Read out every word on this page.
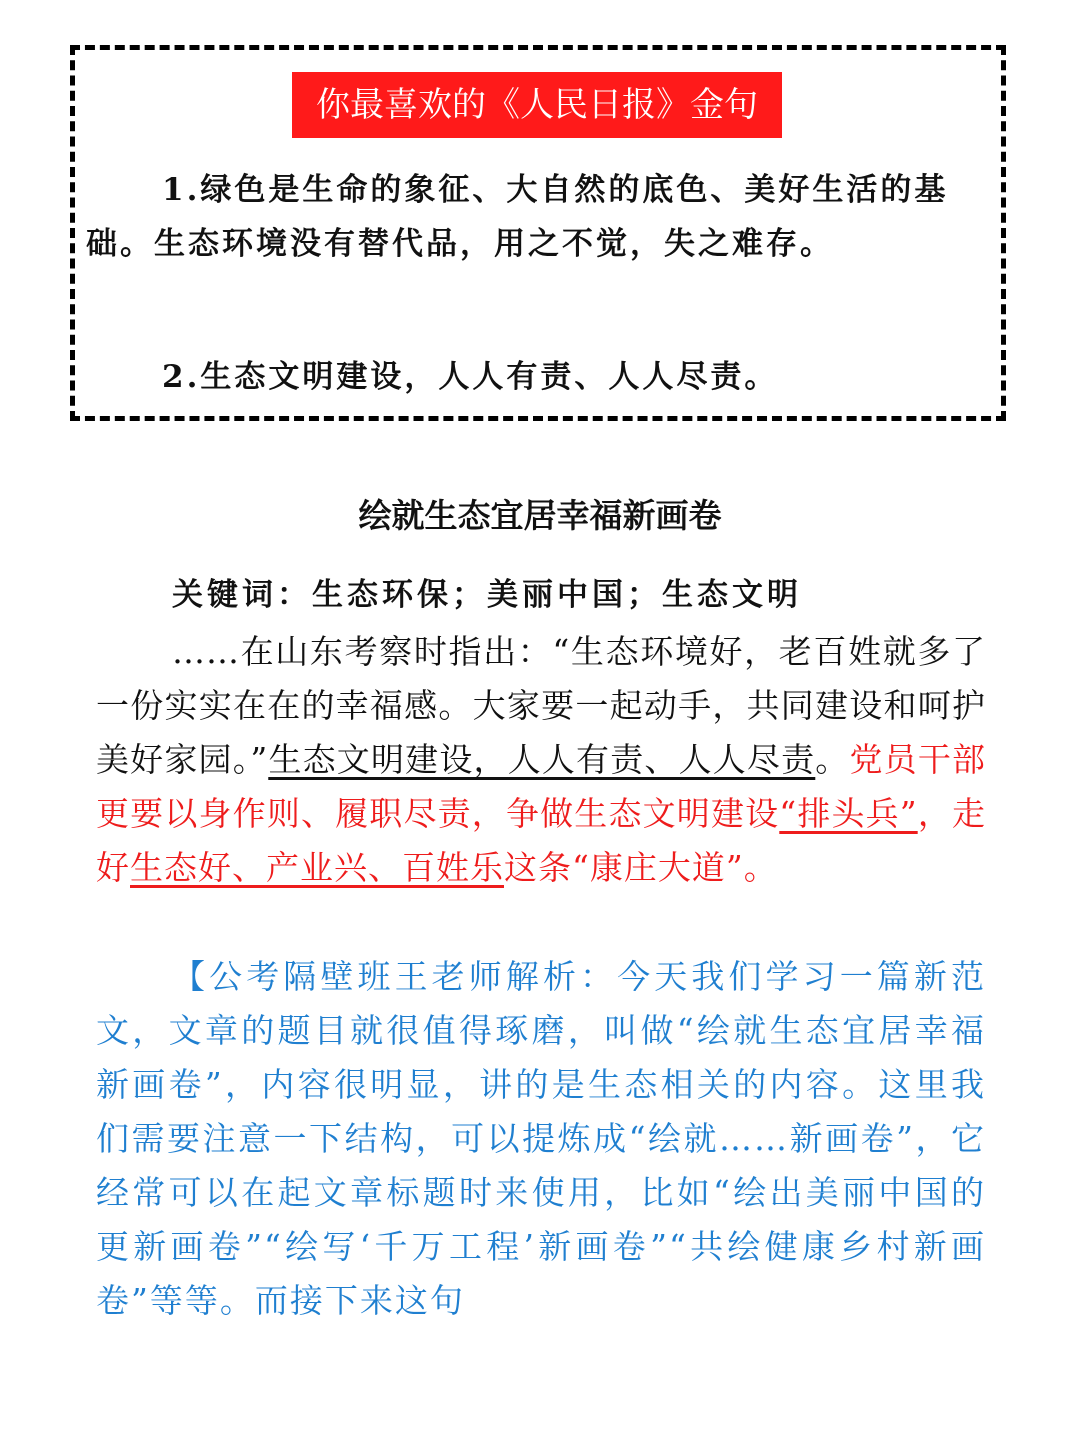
你最喜欢的《人民日报》金句

1.绿色是生命的象征、大自然的底色、美好生活的基础。生态环境没有替代品，用之不觉，失之难存。

2.生态文明建设，人人有责、人人尽责。

绘就生态宜居幸福新画卷
关键词：生态环保；美丽中国；生态文明

……在山东考察时指出：“生态环境好，老百姓就多了一份实实在在的幸福感。大家要一起动手，共同建设和呵护美好家园。”生态文明建设，人人有责、人人尽责。党员干部更要以身作则、履职尽责，争做生态文明建设“排头兵”，走好生态好、产业兴、百姓乐这条“康庄大道”。

【公考隔壁班王老师解析：今天我们学习一篇新范文，文章的题目就很值得琢磨，叫做“绘就生态宜居幸福新画卷”，内容很明显，讲的是生态相关的内容。这里我们需要注意一下结构，可以提炼成“绘就……新画卷”，它经常可以在起文章标题时来使用，比如“绘出美丽中国的更新画卷”“绘写‘千万工程’新画卷”“共绘健康乡村新画卷”等等。而接下来这句
